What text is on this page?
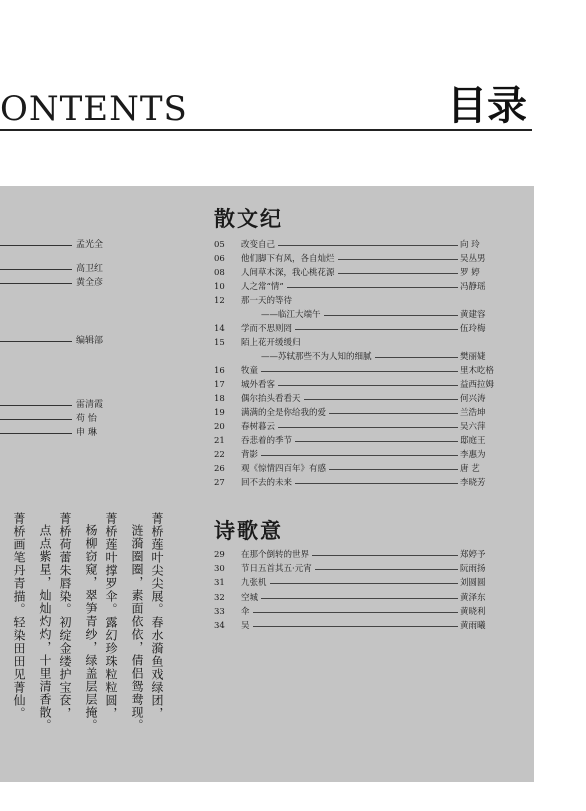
ONTENTS	目录
孟光全
高卫红
黄全彦
编辑部
雷清霞
苟 怡
申 琳
菁桥莲叶尖尖展。春水漪鱼戏绿团，
涟漪圈圈，素面依依，倩侣鸳鸯现。
菁桥莲叶撑罗伞。露幻珍珠粒粒圆，
杨柳窃窥，翠笋青纱，绿盖层层掩。
菁桥荷蕾朱唇染。初绽金缕护宝奁，
点点紫星，灿灿灼灼，十里清香散。
菁桥画笔丹青描。轻染田田见菁仙。
散文纪
05	改变自己	向 玲
06	他们脚下有风，各自灿烂	吴丛男
08	人间草木深，我心桃花源	罗 婷
10	人之常“情”	冯静瑶
12	那一天的等待
——临江大端午	黄建容
14	学而不思则罔	伍玲梅
15	陌上花开缓缓归
——苏轼那些不为人知的细腻	樊丽婕
16	牧童	里木吃格
17	城外看客	益西拉姆
18	偶尔抬头看看天	何兴涛
19	满满的全是你给我的爱	兰浩坤
20	春树暮云	吴六萍
21	吞悲着的季节	邸庭王
22	背影	李惠为
26	观《惊情四百年》有感	唐 艺
27	回不去的未来	李晓芳
诗歌意
29	在那个倒转的世界	郑婷予
30	节日五首其五·元宵	阮雨扬
31	九张机	刘圆圆
32	空城	黄泽东
33	伞	黄晓利
34	吴	黄雨曦
